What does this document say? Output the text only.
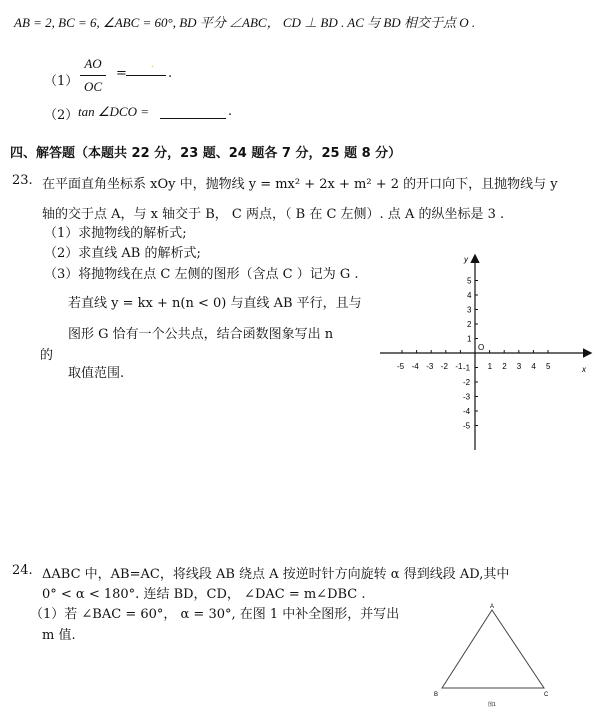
AB = 2, BC = 6, ∠ABC = 60°, BD 平分 ∠ABC， CD ⊥ BD . AC 与 BD 相交于点 O .
（1）
AO
OC
=	˙ .
（2） tan ∠DCO =	.
四、解答题（本题共 22 分，23 题、24 题各 7 分，25 题 8 分）
23. 在平面直角坐标系 xOy 中，抛物线 y = mx² + 2x + m² + 2 的开口向下，且抛物线与 y
轴的交于点 A，与 x 轴交于 B， C 两点，（ B 在 C 左侧）. 点 A 的纵坐标是 3 .
（1）求抛物线的解析式;
（2）求直线 AB 的解析式;
（3）将抛物线在点 C 左侧的图形（含点 C ）记为 G .
若直线 y = kx + n(n < 0) 与直线 AB 平行，且与
图形 G 恰有一个公共点，结合函数图象写出 n
的
取值范围.	-5 -4 -3 -2 -1	1 2 3 4 5
5
4
3
2
1
-1
-2
-3
-4
-5
x
y
O
24. ΔABC 中，AB=AC，将线段 AB 绕点 A 按逆时针方向旋转 α 得到线段 AD,其中
0° < α < 180°. 连结 BD，CD， ∠DAC = m∠DBC .
（1）若 ∠BAC = 60°， α = 30°, 在图 1 中补全图形，并写出
m 值.
A
B	C
图1
